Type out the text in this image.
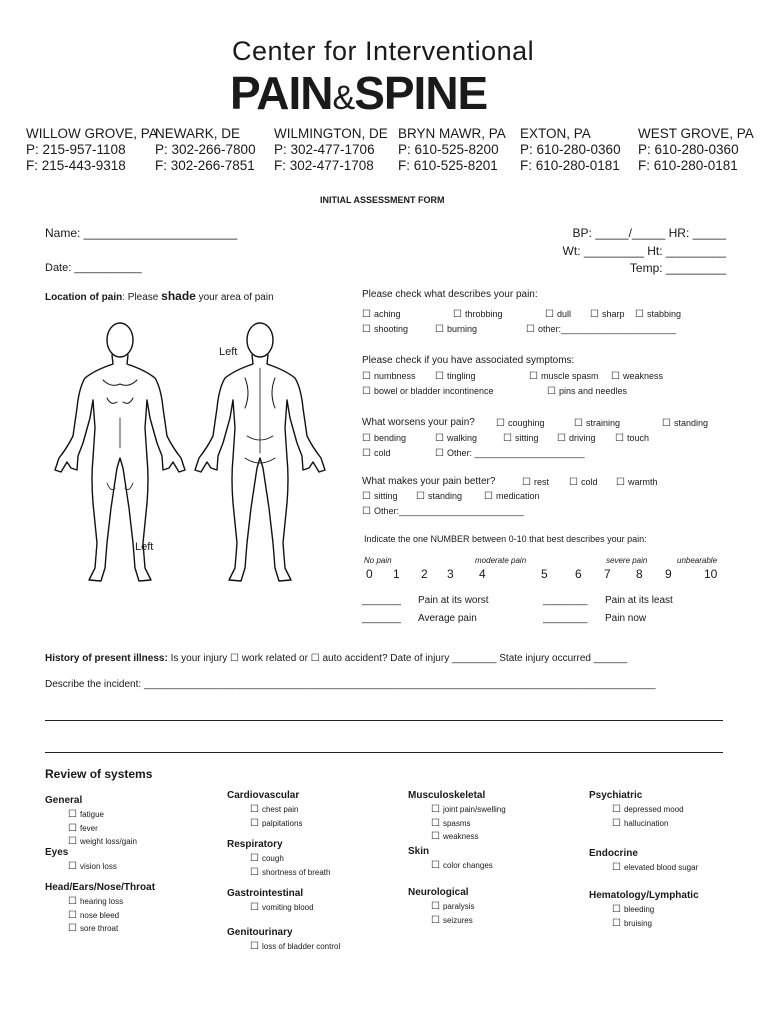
Center for Interventional
PAIN&SPINE
WILLOW GROVE, PA
P: 215-957-1108
F: 215-443-9318
NEWARK, DE
P: 302-266-7800
F: 302-266-7851
WILMINGTON, DE
P: 302-477-1706
F: 302-477-1708
BRYN MAWR, PA
P: 610-525-8200
F: 610-525-8201
EXTON, PA
P: 610-280-0360
F: 610-280-0181
WEST GROVE, PA
P: 610-280-0360
F: 610-280-0181
INITIAL ASSESSMENT FORM
Name: _______________________
Date: ___________
BP: _____/_____ HR: _____
Wt: _________ Ht: _________
Temp: _________
Location of pain: Please shade your area of pain
Left
Left
Please check what describes your pain:
☐ aching	☐ throbbing	☐ dull	☐ sharp	☐ stabbing
☐ shooting	☐ burning	☐ other:_______________________
Please check if you have associated symptoms:
☐ numbness	☐ tingling	☐ muscle spasm	☐ weakness
☐ bowel or bladder incontinence	☐ pins and needles
What worsens your pain?	☐ coughing	☐ straining	☐ standing
☐ bending	☐ walking	☐ sitting	☐ driving	☐ touch
☐ cold	☐ Other: ______________________
What makes your pain better?	☐ rest	☐ cold	☐ warmth
☐ sitting	☐ standing	☐ medication
☐ Other:_________________________
Indicate the one NUMBER between 0-10 that best describes your pain:
No pain	moderate pain	severe pain	unbearable
0 1 2 3 4	5 6 7 8 9	10
_______ Pain at its worst	________ Pain at its least
_______ Average pain	________ Pain now
History of present illness: Is your injury ☐ work related or ☐ auto accident? Date of injury ________ State injury occurred ______
Describe the incident: ____________________________________________________________________________________________
Review of systems
General
☐ fatigue
☐ fever
☐ weight loss/gain
Eyes
☐ vision loss
Head/Ears/Nose/Throat
☐ hearing loss
☐ nose bleed
☐ sore throat
Cardiovascular
☐ chest pain
☐ palpitations
Respiratory
☐ cough
☐ shortness of breath
Gastrointestinal
☐ vomiting blood
Genitourinary
☐ loss of bladder control
Musculoskeletal
☐ joint pain/swelling
☐ spasms
☐ weakness
Skin
☐ color changes
Neurological
☐ paralysis
☐ seizures
Psychiatric
☐ depressed mood
☐ hallucination
Endocrine
☐ elevated blood sugar
Hematology/Lymphatic
☐ bleeding
☐ bruising
